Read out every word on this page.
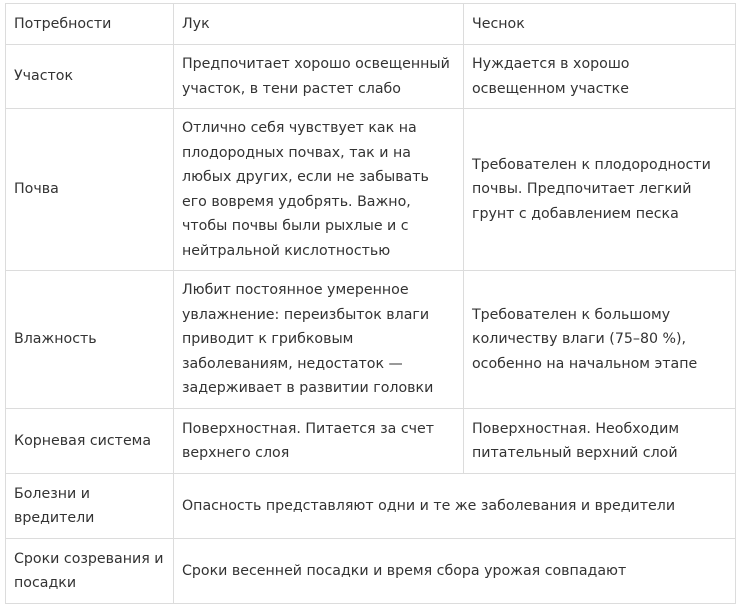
Потребности	Лук	Чеснок
Участок	Предпочитает хорошо освещенный участок, в тени растет слабо	Нуждается в хорошо освещенном участке
Почва	Отлично себя чувствует как на плодородных почвах, так и на любых других, если не забывать его вовремя удобрять. Важно, чтобы почвы были рыхлые и с нейтральной кислотностью	Требователен к плодородности почвы. Предпочитает легкий грунт с добавлением песка
Влажность	Любит постоянное умеренное увлажнение: переизбыток влаги приводит к грибковым заболеваниям, недостаток — задерживает в развитии головки	Требователен к большому количеству влаги (75–80 %), особенно на начальном этапе
Корневая система	Поверхностная. Питается за счет верхнего слоя	Поверхностная. Необходим питательный верхний слой
Болезни и вредители	Опасность представляют одни и те же заболевания и вредители	
Сроки созревания и посадки	Сроки весенней посадки и время сбора урожая совпадают	
